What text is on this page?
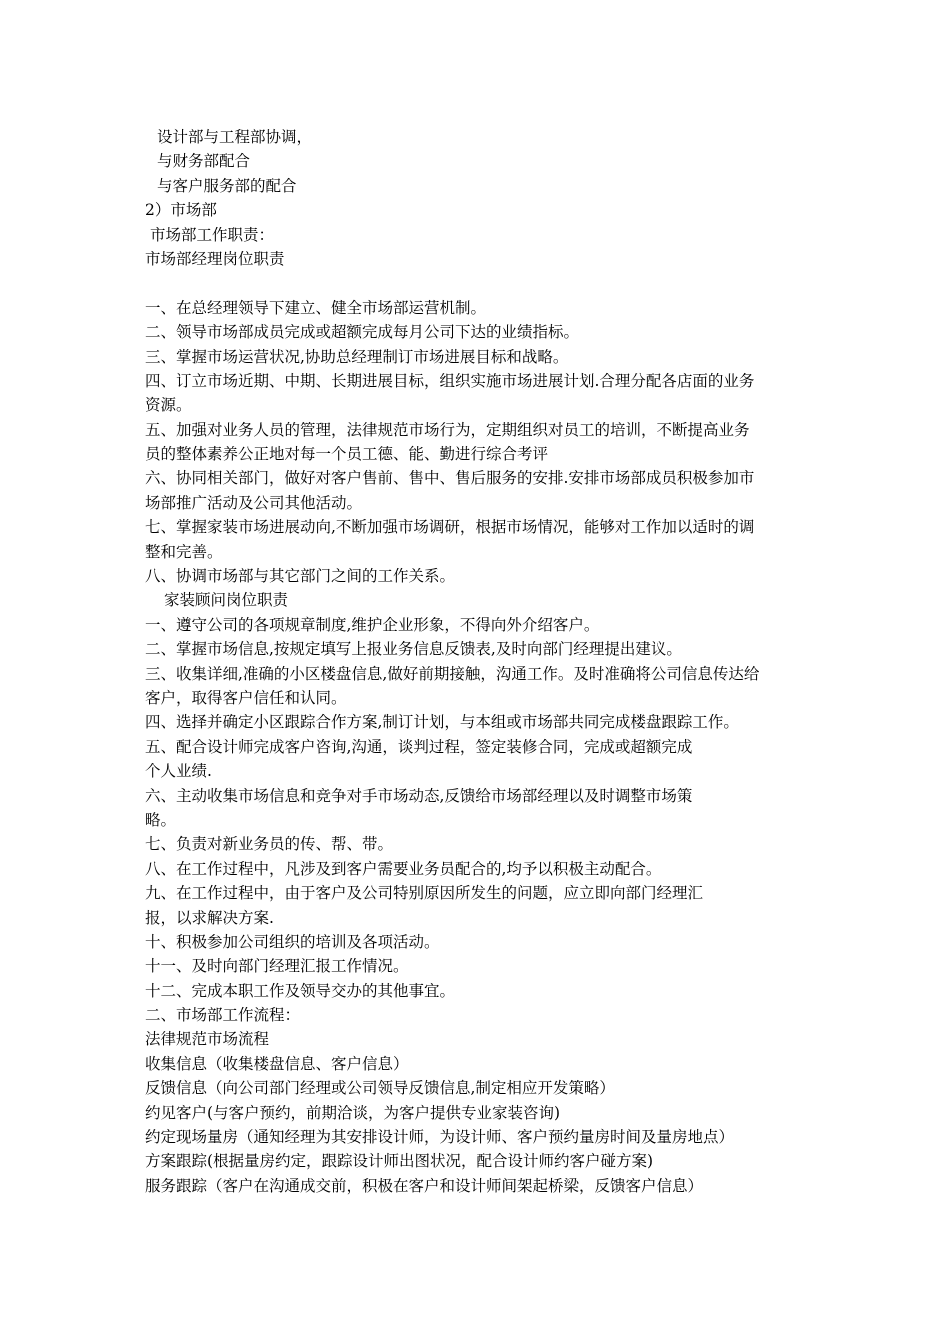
设计部与工程部协调，
与财务部配合
与客户服务部的配合
2）市场部
市场部工作职责：
市场部经理岗位职责
一、在总经理领导下建立、健全市场部运营机制。
二、领导市场部成员完成或超额完成每月公司下达的业绩指标。
三、掌握市场运营状况,协助总经理制订市场进展目标和战略。
四、订立市场近期、中期、长期进展目标，组织实施市场进展计划.合理分配各店面的业务
资源。
五、加强对业务人员的管理，法律规范市场行为，定期组织对员工的培训，不断提高业务
员的整体素养公正地对每一个员工德、能、勤进行综合考评
六、协同相关部门，做好对客户售前、售中、售后服务的安排.安排市场部成员积极参加市
场部推广活动及公司其他活动。
七、掌握家装市场进展动向,不断加强市场调研，根据市场情况，能够对工作加以适时的调
整和完善。
八、协调市场部与其它部门之间的工作关系。
家装顾问岗位职责
一、遵守公司的各项规章制度,维护企业形象，不得向外介绍客户。
二、掌握市场信息,按规定填写上报业务信息反馈表,及时向部门经理提出建议。
三、收集详细,准确的小区楼盘信息,做好前期接触，沟通工作。及时准确将公司信息传达给
客户，取得客户信任和认同。
四、选择并确定小区跟踪合作方案,制订计划，与本组或市场部共同完成楼盘跟踪工作。
五、配合设计师完成客户咨询,沟通，谈判过程，签定装修合同，完成或超额完成
个人业绩.
六、主动收集市场信息和竞争对手市场动态,反馈给市场部经理以及时调整市场策
略。
七、负责对新业务员的传、帮、带。
八、在工作过程中，凡涉及到客户需要业务员配合的,均予以积极主动配合。
九、在工作过程中，由于客户及公司特别原因所发生的问题，应立即向部门经理汇
报，以求解决方案.
十、积极参加公司组织的培训及各项活动。
十一、及时向部门经理汇报工作情况。
十二、完成本职工作及领导交办的其他事宜。
二、市场部工作流程：
法律规范市场流程
收集信息（收集楼盘信息、客户信息）
反馈信息（向公司部门经理或公司领导反馈信息,制定相应开发策略）
约见客户(与客户预约，前期洽谈，为客户提供专业家装咨询)
约定现场量房（通知经理为其安排设计师，为设计师、客户预约量房时间及量房地点）
方案跟踪(根据量房约定，跟踪设计师出图状况，配合设计师约客户碰方案)
服务跟踪（客户在沟通成交前，积极在客户和设计师间架起桥梁，反馈客户信息）
